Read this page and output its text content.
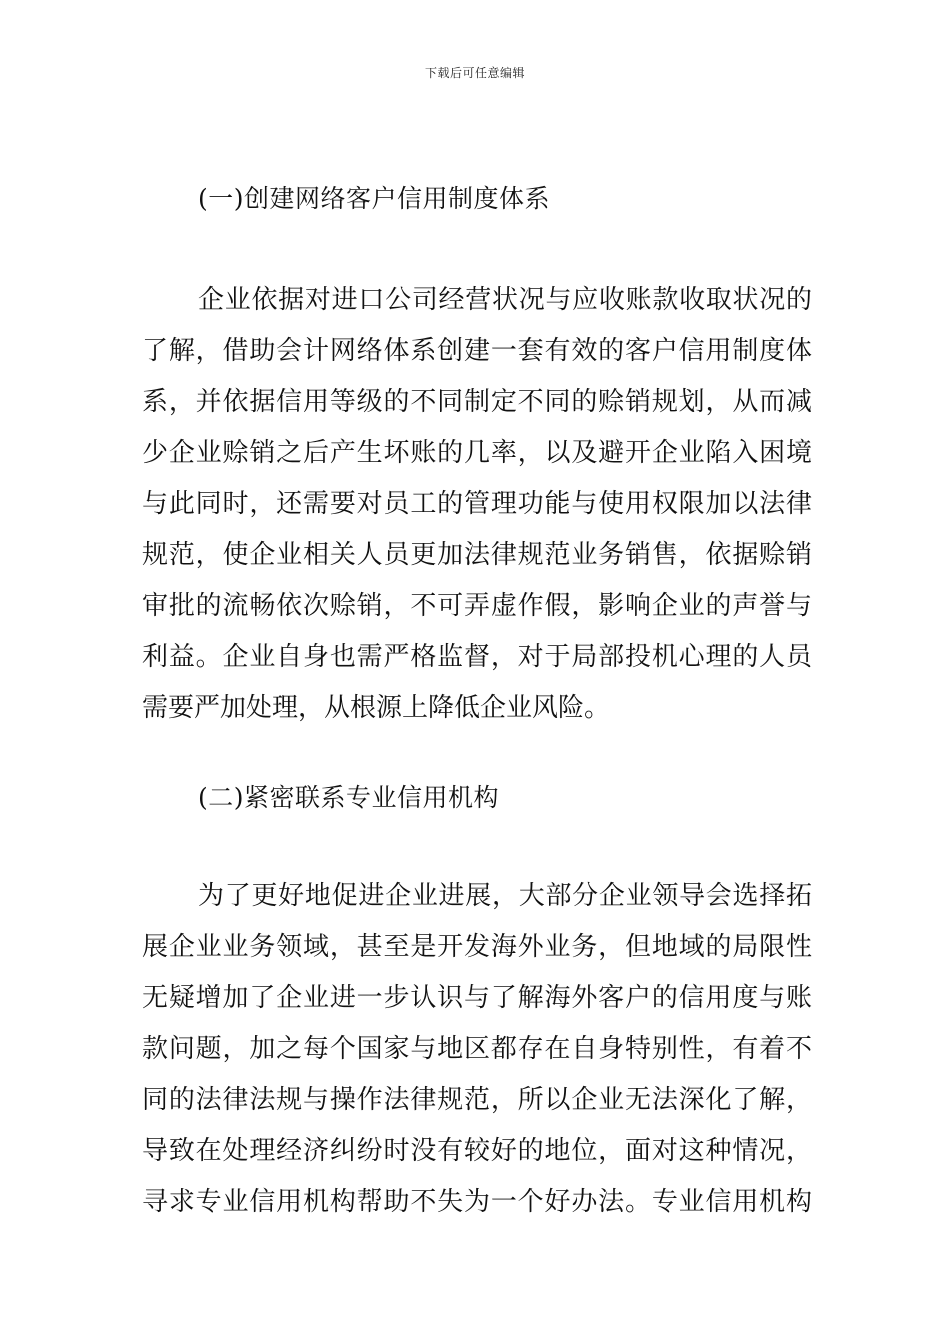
下载后可任意编辑
(一)创建网络客户信用制度体系
企业依据对进口公司经营状况与应收账款收取状况的
了解，借助会计网络体系创建一套有效的客户信用制度体
系，并依据信用等级的不同制定不同的赊销规划，从而减
少企业赊销之后产生坏账的几率，以及避开企业陷入困境
与此同时，还需要对员工的管理功能与使用权限加以法律
规范，使企业相关人员更加法律规范业务销售，依据赊销
审批的流畅依次赊销，不可弄虚作假，影响企业的声誉与
利益。企业自身也需严格监督，对于局部投机心理的人员
需要严加处理，从根源上降低企业风险。
(二)紧密联系专业信用机构
为了更好地促进企业进展，大部分企业领导会选择拓
展企业业务领域，甚至是开发海外业务，但地域的局限性
无疑增加了企业进一步认识与了解海外客户的信用度与账
款问题，加之每个国家与地区都存在自身特别性，有着不
同的法律法规与操作法律规范，所以企业无法深化了解，
导致在处理经济纠纷时没有较好的地位，面对这种情况，
寻求专业信用机构帮助不失为一个好办法。专业信用机构
